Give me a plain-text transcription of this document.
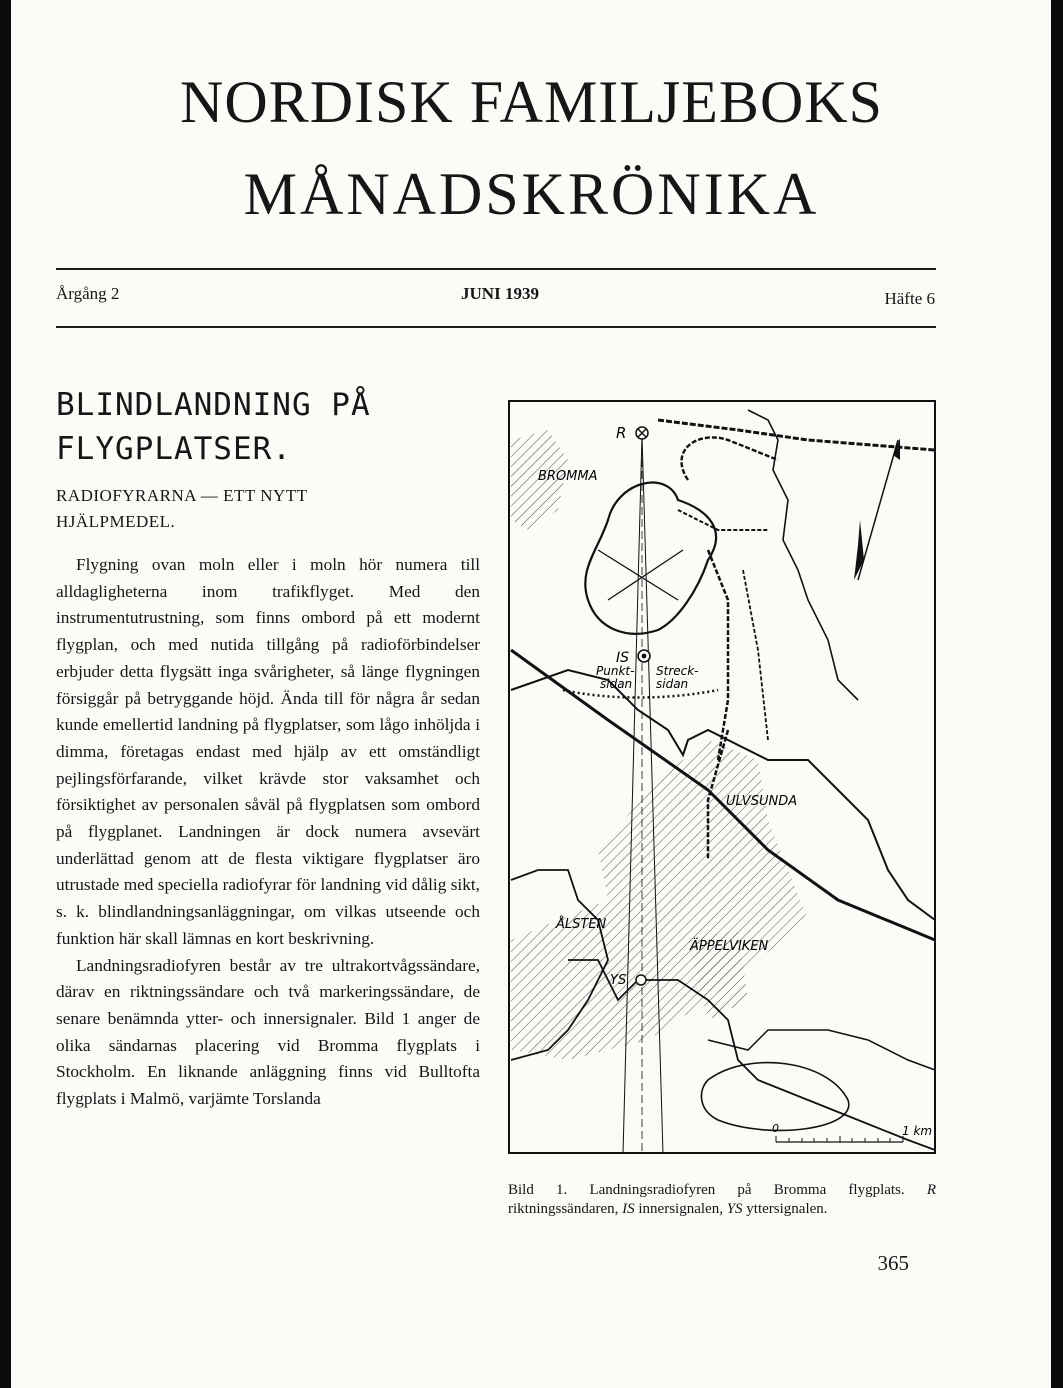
NORDISK FAMILJEBOKS
MÅNADSKRÖNIKA
Årgång 2	JUNI 1939	Häfte 6
BLINDLANDNING PÅ
FLYGPLATSER.
RADIOFYRARNA — ETT NYTT
HJÄLPMEDEL.

Flygning ovan moln eller i moln hör numera till alldagligheterna inom trafikflyget. Med den instrumentutrustning, som finns ombord på ett modernt flygplan, och med nutida tillgång på radioförbindelser erbjuder detta flygsätt inga svårigheter, så länge flygningen försiggår på betryggande höjd. Ända till för några år sedan kunde emellertid landning på flygplatser, som lågo inhöljda i dimma, företagas endast med hjälp av ett omständligt pejlingsförfarande, vilket krävde stor vaksamhet och försiktighet av personalen såväl på flygplatsen som ombord på flygplanet. Landningen är dock numera avsevärt underlättad genom att de flesta viktigare flygplatser äro utrustade med speciella radiofyrar för landning vid dålig sikt, s. k. blindlandningsanläggningar, om vilkas utseende och funktion här skall lämnas en kort beskrivning.

Landningsradiofyren består av tre ultrakortvågssändare, därav en riktningssändare och två markeringssändare, de senare benämnda ytter- och innersignaler. Bild 1 anger de olika sändarnas placering vid Bromma flygplats i Stockholm. En liknande anläggning finns vid Bulltofta flygplats i Malmö, varjämte Torslanda

R
BROMMA
IS
Punkt-
sidan
Streck-
sidan
ULVSUNDA
ÅLSTEN
ÄPPELVIKEN
YS
0	1 km
Bild 1. Landningsradiofyren på Bromma flygplats. R riktningssändaren, IS innersignalen, YS yttersignalen.
365
